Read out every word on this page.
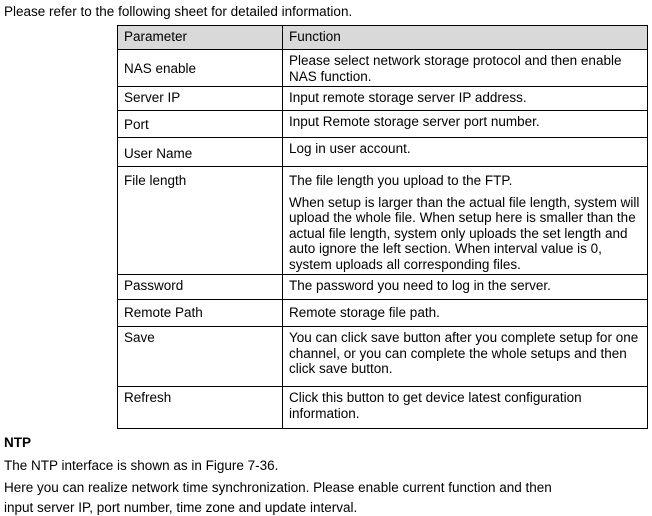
Please refer to the following sheet for detailed information.

Parameter	Function

NAS enable	Please select network storage protocol and then enable NAS function.

Server IP	Input remote storage server IP address.

Port	Input Remote storage server port number.

User Name	Log in user account.

File length	The file length you upload to the FTP.

When setup is larger than the actual file length, system will upload the whole file. When setup here is smaller than the actual file length, system only uploads the set length and auto ignore the left section. When interval value is 0, system uploads all corresponding files.

Password	The password you need to log in the server.

Remote Path	Remote storage file path.

Save	You can click save button after you complete setup for one channel, or you can complete the whole setups and then click save button.

Refresh	Click this button to get device latest configuration information.

NTP

The NTP interface is shown as in Figure 7-36.

Here you can realize network time synchronization. Please enable current function and then

input server IP, port number, time zone and update interval.
